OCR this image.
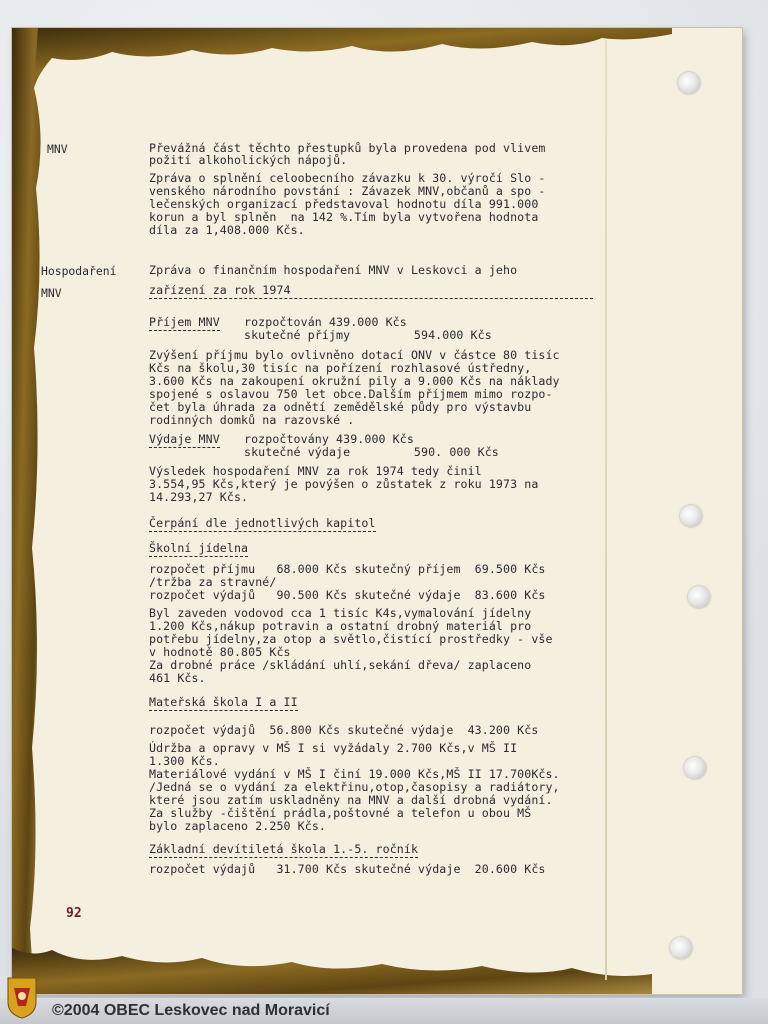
MNV
Hospodaření
MNV
Převážná část těchto přestupků byla provedena pod vlivem
požití alkoholických nápojů.
Zpráva o splnění celoobecního závazku k 30. výročí Slo -
venského národního povstání : Závazek MNV,občanů a spo -
lečenských organizací představoval hodnotu díla 991.000
korun a byl splněn  na 142 %.Tím byla vytvořena hodnota
díla za 1,408.000 Kčs.
Zpráva o finančním hospodaření MNV v Leskovci a jeho
zařízení za rok 1974
Příjem MNV rozpočtován 439.000 Kčs
skutečné příjmy         594.000 Kčs
Zvýšení příjmu bylo ovlivněno dotací ONV v částce 80 tisíc
Kčs na školu,30 tisíc na pořízení rozhlasové ústředny,
3.600 Kčs na zakoupení okružní pily a 9.000 Kčs na náklady
spojené s oslavou 750 let obce.Dalším příjmem mimo rozpo-
čet byla úhrada za odnětí zemědělské půdy pro výstavbu
rodinných domků na razovské .
Výdaje MNV rozpočtovány 439.000 Kčs
skutečné výdaje         590. 000 Kčs
Výsledek hospodaření MNV za rok 1974 tedy činil
3.554,95 Kčs,který je povýšen o zůstatek z roku 1973 na
14.293,27 Kčs.
Čerpání dle jednotlivých kapitol
Školní jídelna
rozpočet příjmu   68.000 Kčs skutečný příjem  69.500 Kčs
/tržba za stravné/
rozpočet výdajů   90.500 Kčs skutečné výdaje  83.600 Kčs
Byl zaveden vodovod cca 1 tisíc K4s,vymalování jídelny
1.200 Kčs,nákup potravin a ostatní drobný materiál pro
potřebu jídelny,za otop a světlo,čistící prostředky - vše
v hodnotě 80.805 Kčs
Za drobné práce /skládání uhlí,sekání dřeva/ zaplaceno
461 Kčs.
Mateřská škola I a II
rozpočet výdajů  56.800 Kčs skutečné výdaje  43.200 Kčs
Údržba a opravy v MŠ I si vyžádaly 2.700 Kčs,v MŠ II
1.300 Kčs.
Materiálové vydání v MŠ I činí 19.000 Kčs,MŠ II 17.700Kčs.
/Jedná se o vydání za elektřinu,otop,časopisy a radiátory,
které jsou zatím uskladněny na MNV a další drobná vydání.
Za služby -čištění prádla,poštovné a telefon u obou MŠ
bylo zaplaceno 2.250 Kčs.
Základní devítiletá škola 1.-5. ročník
rozpočet výdajů   31.700 Kčs skutečné výdaje  20.600 Kčs
92
©2004 OBEC Leskovec nad Moravicí
